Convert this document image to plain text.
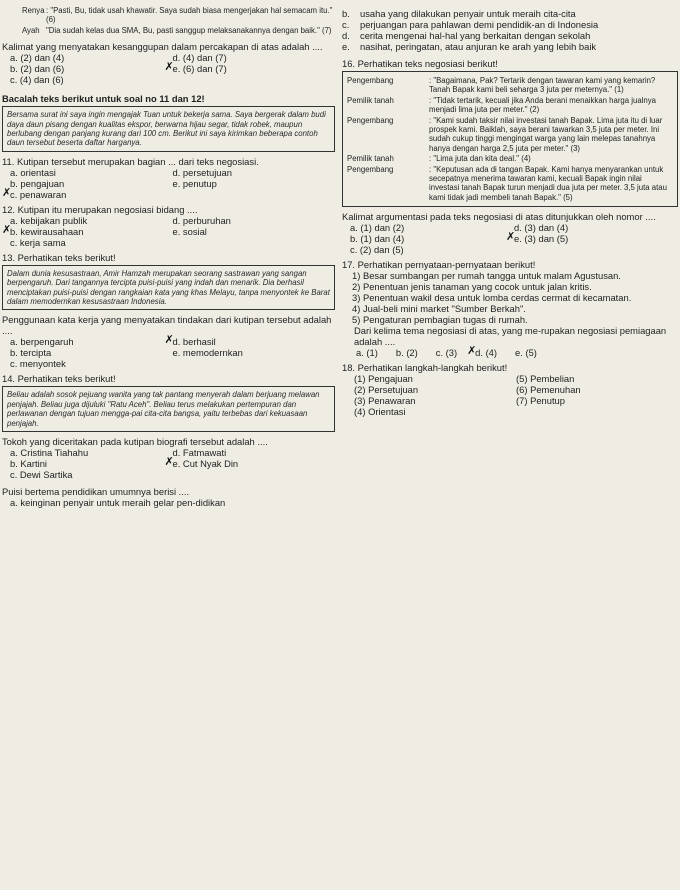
Renya : "Pasti, Bu, tidak usah khawatir. Saya sudah biasa mengerjakan hal semacam itu." (6)
Ayah "Dia sudah kelas dua SMA, Bu, pasti sanggup melaksanakannya dengan baik." (7)

Kalimat yang menyatakan kesanggupan dalam percakapan di atas adalah ....

a. (2) dan (4)	d. (4) dan (7)
b. (2) dan (6)	✗ e. (6) dan (7)
c. (4) dan (6)

Bacalah teks berikut untuk soal no 11 dan 12!

Bersama surat ini saya ingin mengajak Tuan untuk bekerja sama. Saya bergerak dalam budi daya daun pisang dengan kualitas ekspor, berwarna hijau segar, tidak robek, maupun berlubang dengan panjang kurang dari 100 cm. Berikut ini saya kirimkan beberapa contoh daun tersebut beserta daftar harganya.

11. Kutipan tersebut merupakan bagian ... dari teks negosiasi.

a. orientasi	d. persetujuan
b. pengajuan	e. penutup
✗ c. penawaran

12. Kutipan itu merupakan negosiasi bidang ....

a. kebijakan publik	d. perburuhan
✗ b. kewirausahaan	e. sosial
c. kerja sama

13. Perhatikan teks berikut!

Dalam dunia kesusastraan, Amir Hamzah merupakan seorang sastrawan yang sangan berpengaruh. Dari tangannya tercipta puisi-puisi yang indah dan menarik. Dia berhasil menciptakan puisi-puisi dengan rangkaian kata yang khas Melayu, tanpa menyontek ke Barat dalam memodernkan kesusastraan Indonesia.

Penggunaan kata kerja yang menyatakan tindakan dari kutipan tersebut adalah ....

a. berpengaruh	✗ d. berhasil
b. tercipta	e. memodernkan
c. menyontek

14. Perhatikan teks berikut!

Beliau adalah sosok pejuang wanita yang tak pantang menyerah dalam berjuang melawan penjajah. Beliau juga dijuluki "Ratu Aceh". Beliau terus melakukan pertempuran dan perlawanan dengan tujuan mengga-pai cita-cita bangsa, yaitu terbebas dari kekuasaan penjajah.

Tokoh yang diceritakan pada kutipan biografi tersebut adalah ....

a. Cristina Tiahahu	d. Fatmawati
b. Kartini	✗ e. Cut Nyak Din
c. Dewi Sartika

Puisi bertema pendidikan umumnya berisi ....

a. keinginan penyair untuk meraih gelar pen-didikan

b.	usaha yang dilakukan penyair untuk meraih cita-cita
c.	perjuangan para pahlawan demi pendidik-an di Indonesia
d.	cerita mengenai hal-hal yang berkaitan dengan sekolah
e.	nasihat, peringatan, atau anjuran ke arah yang lebih baik

16. Perhatikan teks negosiasi berikut!

Pengembang	: "Bagaimana, Pak? Tertarik dengan tawaran kami yang kemarin? Tanah Bapak kami beli seharga 3 juta per meternya." (1)
Pemilik tanah	: "Tidak tertarik, kecuali jika Anda berani menaikkan harga jualnya menjadi lima juta per meter." (2)
Pengembang	: "Kami sudah taksir nilai investasi tanah Bapak. Lima juta itu di luar prospek kami. Baiklah, saya berani tawarkan 3,5 juta per meter. Ini sudah cukup tinggi mengingat warga yang lain melepas tanahnya hanya dengan harga 2,5 juta per meter." (3)
Pemilik tanah	: "Lima juta dan kita deal." (4)
Pengembang	: "Keputusan ada di tangan Bapak. Kami hanya menyarankan untuk secepatnya menerima tawaran kami, kecuali Bapak ingin nilai investasi tanah Bapak turun menjadi dua juta per meter. 3,5 juta atau kami tidak jadi membeli tanah Bapak." (5)

Kalimat argumentasi pada teks negosiasi di atas ditunjukkan oleh nomor ....

a. (1) dan (2)	d. (3) dan (4)
b. (1) dan (4)	✗ e. (3) dan (5)
c. (2) dan (5)

17. Perhatikan pernyataan-pernyataan berikut!

1) Besar sumbangan per rumah tangga untuk malam Agustusan.

2) Penentuan jenis tanaman yang cocok untuk jalan kritis.

3) Penentuan wakil desa untuk lomba cerdas cermat di kecamatan.

4) Jual-beli mini market "Sumber Berkah".

5) Pengaturan pembagian tugas di rumah.

Dari kelima tema negosiasi di atas, yang me-rupakan negosiasi pemiagaan adalah ....

a. (1) b. (2) c. (3) ✗ d. (4) e. (5)

18. Perhatikan langkah-langkah berikut!

(1) Pengajuan	(5) Pembelian
(2) Persetujuan	(6) Pemenuhan
(3) Penawaran	(7) Penutup
(4) Orientasi
